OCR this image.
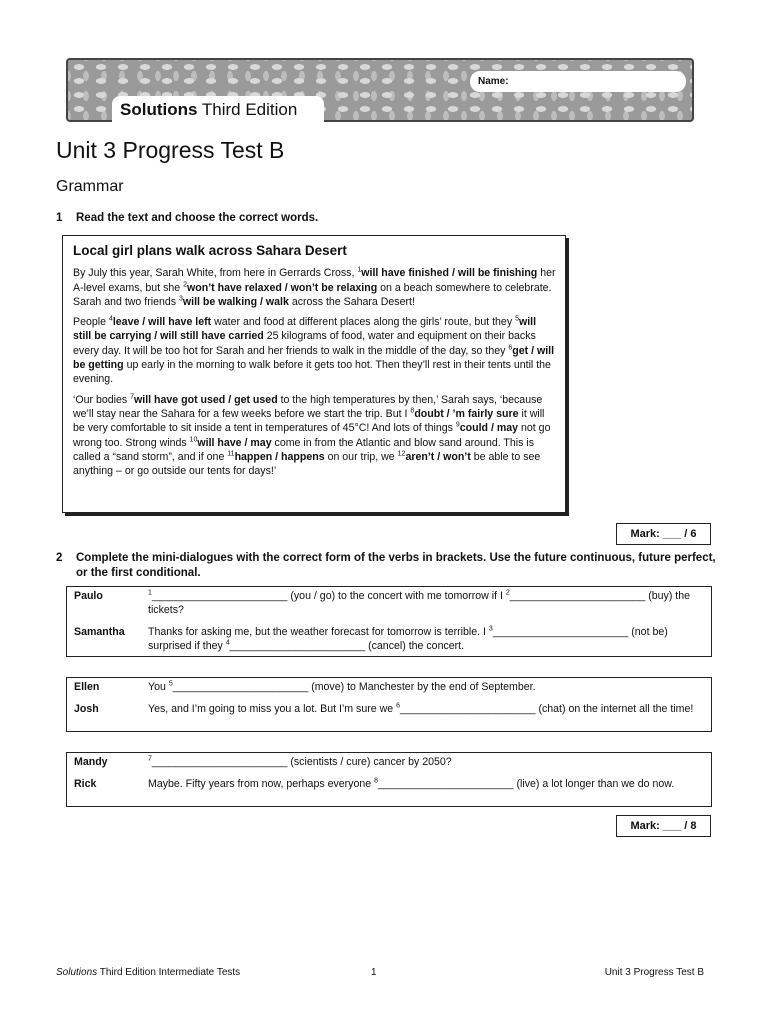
Name:
Solutions Third Edition
Unit 3 Progress Test B
Grammar
1 Read the text and choose the correct words.
Local girl plans walk across Sahara Desert

By July this year, Sarah White, from here in Gerrards Cross, $^1$will have finished / will be finishing her A-level exams, but she $^2$won’t have relaxed / won’t be relaxing on a beach somewhere to celebrate. Sarah and two friends $^3$will be walking / walk across the Sahara Desert!

People $^4$leave / will have left water and food at different places along the girls’ route, but they $^5$will still be carrying / will still have carried 25 kilograms of food, water and equipment on their backs every day. It will be too hot for Sarah and her friends to walk in the middle of the day, so they $^6$get / will be getting up early in the morning to walk before it gets too hot. Then they’ll rest in their tents until the evening.

‘Our bodies $^7$will have got used / get used to the high temperatures by then,’ Sarah says, ‘because we’ll stay near the Sahara for a few weeks before we start the trip. But I $^8$doubt / ’m fairly sure it will be very comfortable to sit inside a tent in temperatures of 45°C! And lots of things $^9$could / may not go wrong too. Strong winds $^{10}$will have / may come in from the Atlantic and blow sand around. This is called a “sand storm”, and if one $^{11}$happen / happens on our trip, we $^{12}$aren’t / won’t be able to see anything – or go outside our tents for days!’

Mark: ___ / 6
2 Complete the mini-dialogues with the correct form of the verbs in brackets. Use the future continuous, future perfect, or the first conditional.
Paulo	$^1$_______________________ (you / go) to the concert with me tomorrow if I $^2$_______________________ (buy) the tickets?
Samantha Thanks for asking me, but the weather forecast for tomorrow is terrible. I $^3$_______________________ (not be) surprised if they $^4$_______________________ (cancel) the concert.
Ellen	You $^5$_______________________ (move) to Manchester by the end of September.
Josh	Yes, and I’m going to miss you a lot. But I’m sure we $^6$_______________________ (chat) on the internet all the time!
Mandy	$^7$_______________________ (scientists / cure) cancer by 2050?
Rick	Maybe. Fifty years from now, perhaps everyone $^8$_______________________ (live) a lot longer than we do now.
Mark: ___ / 8
Solutions Third Edition Intermediate Tests	1	Unit 3 Progress Test B
